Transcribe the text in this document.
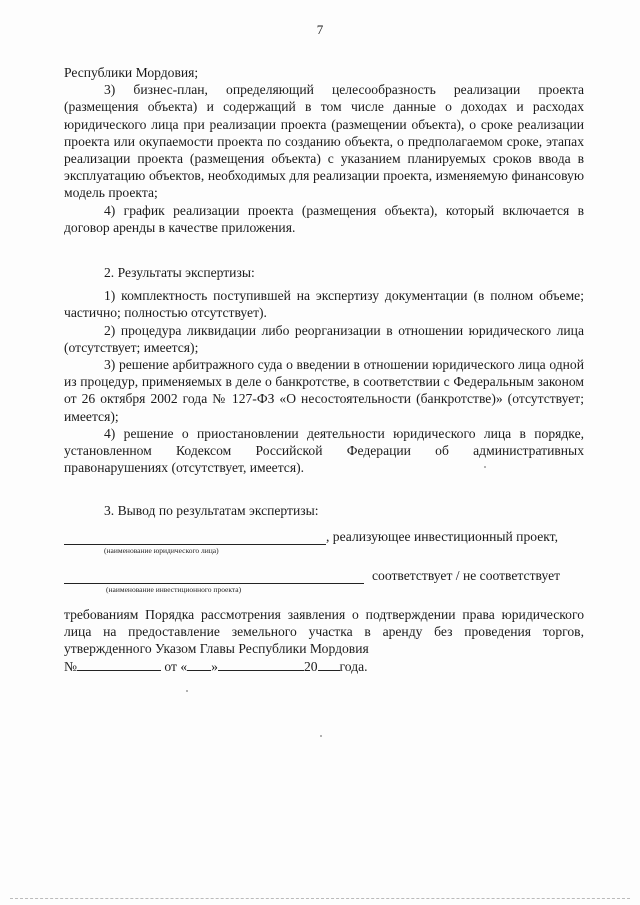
7

Республики Мордовия;

3) бизнес-план, определяющий целесообразность реализации проекта (размещения объекта) и содержащий в том числе данные о доходах и расходах юридического лица при реализации проекта (размещении объекта), о сроке реализации проекта или окупаемости проекта по созданию объекта, о предполагаемом сроке, этапах реализации проекта (размещения объекта) с указанием планируемых сроков ввода в эксплуатацию объектов, необходимых для реализации проекта, изменяемую финансовую модель проекта;

4) график реализации проекта (размещения объекта), который включается в договор аренды в качестве приложения.

2. Результаты экспертизы:

1) комплектность поступившей на экспертизу документации (в полном объеме; частично; полностью отсутствует).

2) процедура ликвидации либо реорганизации в отношении юридического лица (отсутствует; имеется);

3) решение арбитражного суда о введении в отношении юридического лица одной из процедур, применяемых в деле о банкротстве, в соответствии с Федеральным законом от 26 октября 2002 года № 127-ФЗ «О несостоятельности (банкротстве)» (отсутствует; имеется);

4) решение о приостановлении деятельности юридического лица в порядке, установленном Кодексом Российской Федерации об административных правонарушениях (отсутствует, имеется).

3. Вывод по результатам экспертизы:

, реализующее инвестиционный проект,
(наименование юридического лица)
соответствует / не соответствует
(наименование инвестиционного проекта)

требованиям Порядка рассмотрения заявления о подтверждении права юридического лица на предоставление земельного участка в аренду без проведения торгов, утвержденного Указом Главы Республики Мордовия

№	от « »	20 года.
